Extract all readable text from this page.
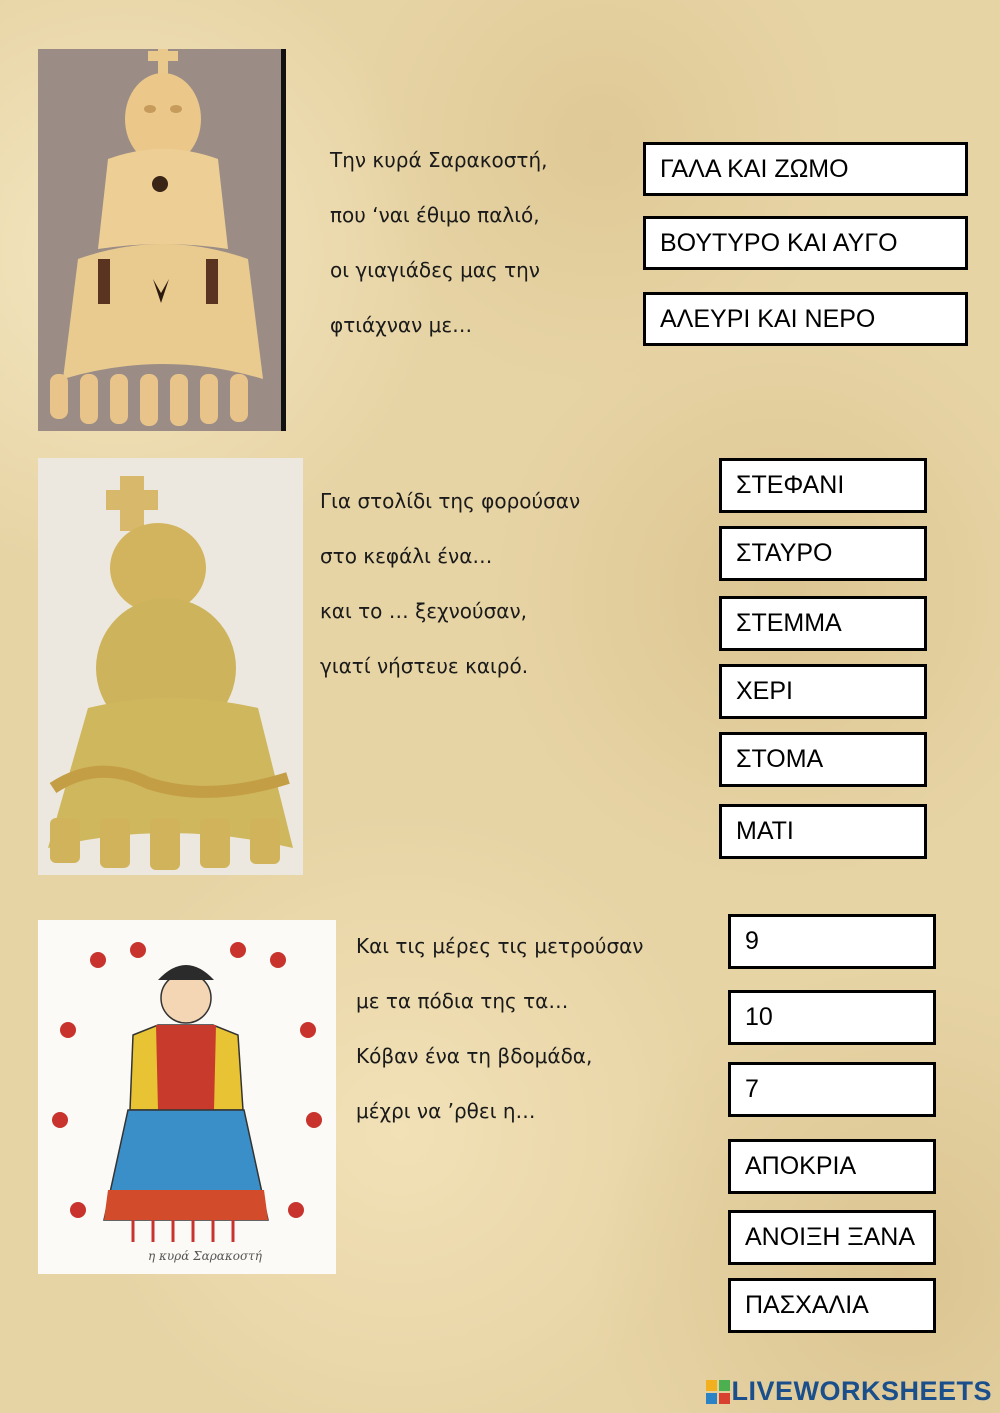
Την κυρά Σαρακοστή,
που ‘ναι έθιμο παλιό,
οι γιαγιάδες μας την
φτιάχναν με…
ΓΑΛΑ ΚΑΙ ΖΩΜΟ
ΒΟΥΤΥΡΟ ΚΑΙ ΑΥΓΟ
ΑΛΕΥΡΙ ΚΑΙ ΝΕΡΟ
Για στολίδι της φορούσαν
στο κεφάλι ένα…
και το … ξεχνούσαν,
γιατί νήστευε καιρό.
ΣΤΕΦΑΝΙ
ΣΤΑΥΡΟ
ΣΤΕΜΜΑ
ΧΕΡΙ
ΣΤΟΜΑ
ΜΑΤΙ
η κυρά Σαρακοστή
Και τις μέρες τις μετρούσαν
με τα πόδια της τα…
Κόβαν ένα τη βδομάδα,
μέχρι να ’ρθει η…
9
10
7
ΑΠΟΚΡΙΑ
ΑΝΟΙΞΗ ΞΑΝΑ
ΠΑΣΧΑΛΙΑ
LIVEWORKSHEETS
